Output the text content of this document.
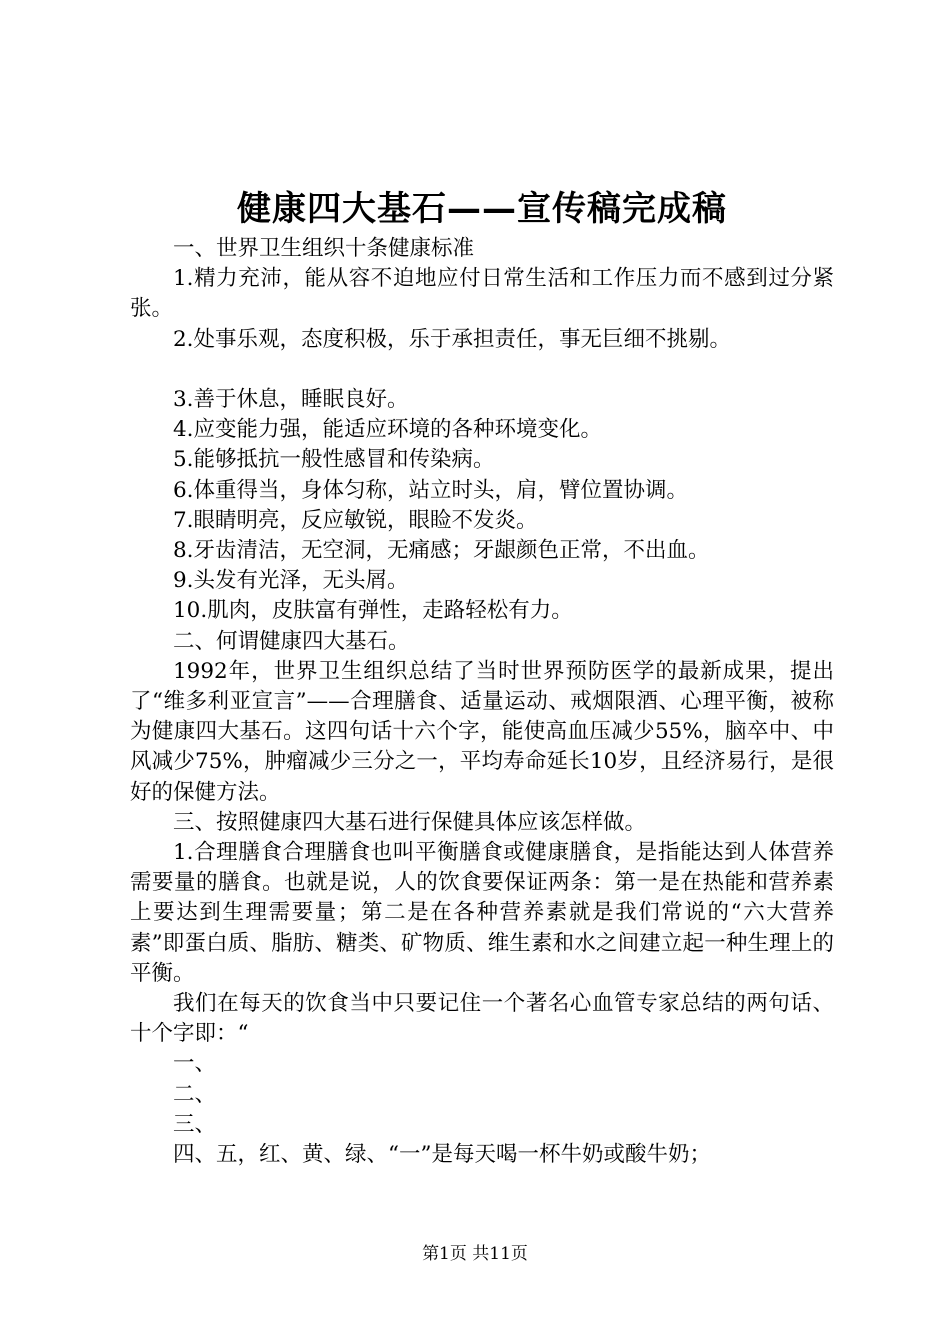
健康四大基石——宣传稿完成稿

一、世界卫生组织十条健康标准

1.精力充沛，能从容不迫地应付日常生活和工作压力而不感到过分紧张。

2.处事乐观，态度积极，乐于承担责任，事无巨细不挑剔。

3.善于休息，睡眠良好。

4.应变能力强，能适应环境的各种环境变化。

5.能够抵抗一般性感冒和传染病。

6.体重得当，身体匀称，站立时头，肩，臂位置协调。

7.眼睛明亮，反应敏锐，眼睑不发炎。

8.牙齿清洁，无空洞，无痛感；牙龈颜色正常，不出血。

9.头发有光泽，无头屑。

10.肌肉，皮肤富有弹性，走路轻松有力。

二、何谓健康四大基石。

1992年，世界卫生组织总结了当时世界预防医学的最新成果，提出了“维多利亚宣言”——合理膳食、适量运动、戒烟限酒、心理平衡，被称为健康四大基石。这四句话十六个字，能使高血压减少55%，脑卒中、中风减少75%，肿瘤减少三分之一，平均寿命延长10岁，且经济易行，是很好的保健方法。

三、按照健康四大基石进行保健具体应该怎样做。

1.合理膳食合理膳食也叫平衡膳食或健康膳食，是指能达到人体营养需要量的膳食。也就是说，人的饮食要保证两条：第一是在热能和营养素上要达到生理需要量；第二是在各种营养素就是我们常说的“六大营养素”即蛋白质、脂肪、糖类、矿物质、维生素和水之间建立起一种生理上的平衡。

我们在每天的饮食当中只要记住一个著名心血管专家总结的两句话、十个字即：“

一、

二、

三、

四、五，红、黄、绿、“一”是每天喝一杯牛奶或酸牛奶；

第1页 共11页
